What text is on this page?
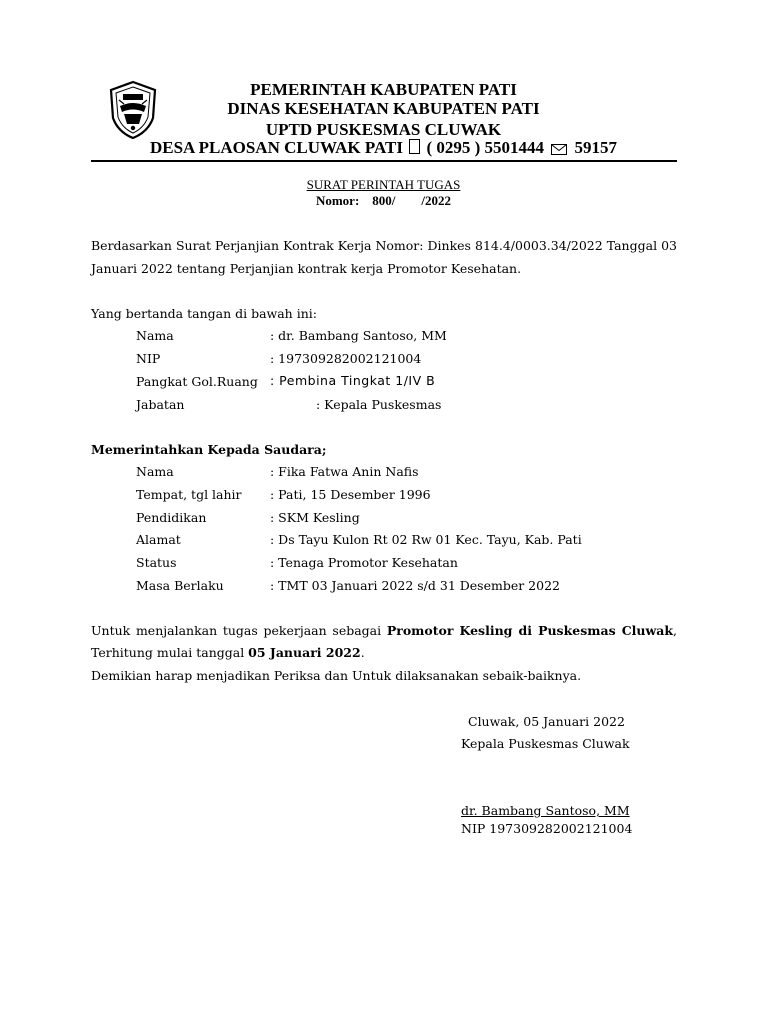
PEMERINTAH KABUPATEN PATI
DINAS KESEHATAN KABUPATEN PATI
UPTD PUSKESMAS CLUWAK
DESA PLAOSAN CLUWAK PATI ( 0295 ) 5501444 59157
SURAT PERINTAH TUGAS
Nomor: 800/        /2022
Berdasarkan Surat Perjanjian Kontrak Kerja Nomor: Dinkes 814.4/0003.34/2022 Tanggal 03
Januari 2022 tentang Perjanjian kontrak kerja Promotor Kesehatan.
Yang bertanda tangan di bawah ini:
Nama	: dr. Bambang Santoso, MM
NIP	: 197309282002121004
Pangkat Gol.Ruang : Pembina Tingkat 1/IV B
Jabatan	: Kepala Puskesmas
Memerintahkan Kepada Saudara;
Nama	: Fika Fatwa Anin Nafis
Tempat, tgl lahir : Pati, 15 Desember 1996
Pendidikan	: SKM Kesling
Alamat	: Ds Tayu Kulon Rt 02 Rw 01 Kec. Tayu, Kab. Pati
Status	: Tenaga Promotor Kesehatan
Masa Berlaku	: TMT 03 Januari 2022 s/d 31 Desember 2022
Untuk menjalankan tugas pekerjaan sebagai Promotor Kesling di Puskesmas Cluwak,
Terhitung mulai tanggal 05 Januari 2022.
Demikian harap menjadikan Periksa dan Untuk dilaksanakan sebaik-baiknya.
Cluwak, 05 Januari 2022
Kepala Puskesmas Cluwak
dr. Bambang Santoso, MM
NIP 197309282002121004
